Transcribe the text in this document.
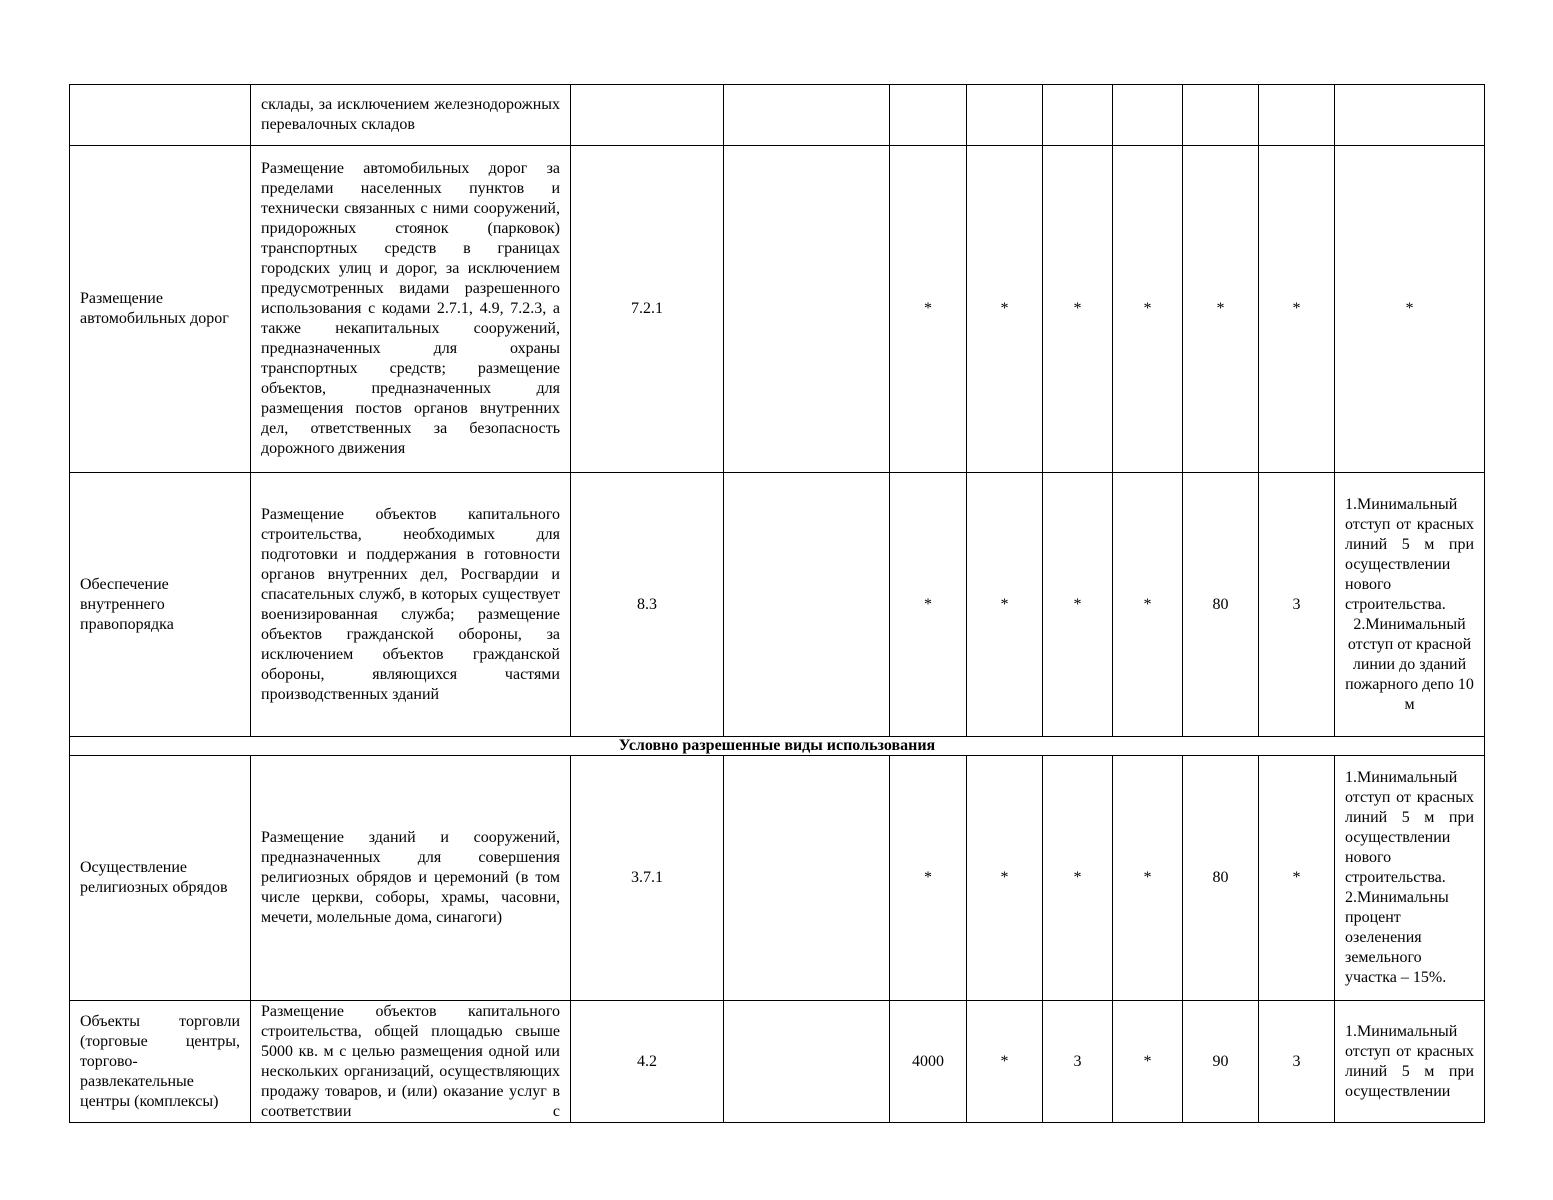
	склады, за исключением железнодорожных перевалочных складов									
Размещение автомобильных дорог	Размещение автомобильных дорог за пределами населенных пунктов и технически связанных с ними сооружений, придорожных стоянок (парковок) транспортных средств в границах городских улиц и дорог, за исключением предусмотренных видами разрешенного использования с кодами 2.7.1, 4.9, 7.2.3, а также некапитальных сооружений, предназначенных для охраны транспортных средств; размещение объектов, предназначенных для размещения постов органов внутренних дел, ответственных за безопасность дорожного движения	7.2.1		*	*	*	*	*	*	*
Обеспечение внутреннего правопорядка	Размещение объектов капитального строительства, необходимых для подготовки и поддержания в готовности органов внутренних дел, Росгвардии и спасательных служб, в которых существует военизированная служба; размещение объектов гражданской обороны, за исключением объектов гражданской обороны, являющихся частями производственных зданий	8.3		*	*	*	*	80	3	1.Минимальный отступ от красных линий 5 м при осуществлении нового строительства.
2.Минимальный отступ от красной линии до зданий пожарного депо 10 м

Условно разрешенные виды использования										
Осуществление религиозных обрядов	Размещение зданий и сооружений, предназначенных для совершения религиозных обрядов и церемоний (в том числе церкви, соборы, храмы, часовни, мечети, молельные дома, синагоги)	3.7.1		*	*	*	*	80	*	1.Минимальный отступ от красных линий 5 м при осуществлении нового строительства.
2.Минимальны процент озеленения земельного участка – 15%.

Объекты торговли (торговые центры, торгово-развлекательные центры (комплексы)	Размещение объектов капитального строительства, общей площадью свыше 5000 кв. м с целью размещения одной или нескольких организаций, осуществляющих продажу товаров, и (или) оказание услуг в соответствии с	4.2		4000	*	3	*	90	3	1.Минимальный отступ от красных линий 5 м при осуществлении
